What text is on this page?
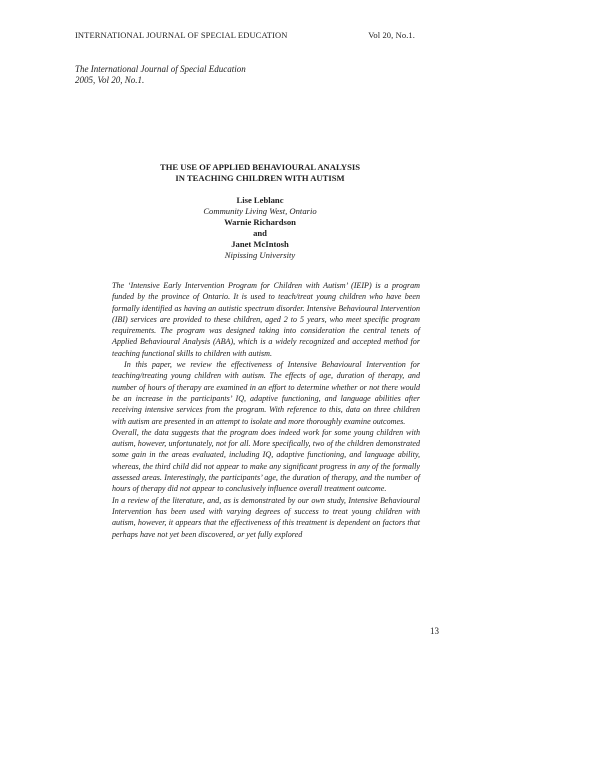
INTERNATIONAL JOURNAL OF SPECIAL EDUCATION	Vol 20, No.1.
The International Journal of Special Education
2005, Vol 20, No.1.
THE USE OF APPLIED BEHAVIOURAL ANALYSIS
IN TEACHING CHILDREN WITH AUTISM
Lise Leblanc
Community Living West, Ontario
Warnie Richardson
and
Janet McIntosh
Nipissing University

The ‘Intensive Early Intervention Program for Children with Autism’ (IEIP) is a program funded by the province of Ontario. It is used to teach/treat young children who have been formally identified as having an autistic spectrum disorder. Intensive Behavioural Intervention (IBI) services are provided to these children, aged 2 to 5 years, who meet specific program requirements. The program was designed taking into consideration the central tenets of Applied Behavioural Analysis (ABA), which is a widely recognized and accepted method for teaching functional skills to children with autism.

In this paper, we review the effectiveness of Intensive Behavioural Intervention for teaching/treating young children with autism. The effects of age, duration of therapy, and number of hours of therapy are examined in an effort to determine whether or not there would be an increase in the participants’ IQ, adaptive functioning, and language abilities after receiving intensive services from the program. With reference to this, data on three children with autism are presented in an attempt to isolate and more thoroughly examine outcomes.

Overall, the data suggests that the program does indeed work for some young children with autism, however, unfortunately, not for all. More specifically, two of the children demonstrated some gain in the areas evaluated, including IQ, adaptive functioning, and language ability, whereas, the third child did not appear to make any significant progress in any of the formally assessed areas. Interestingly, the participants’ age, the duration of therapy, and the number of hours of therapy did not appear to conclusively influence overall treatment outcome.

In a review of the literature, and, as is demonstrated by our own study, Intensive Behavioural Intervention has been used with varying degrees of success to treat young children with autism, however, it appears that the effectiveness of this treatment is dependent on factors that perhaps have not yet been discovered, or yet fully explored

13
